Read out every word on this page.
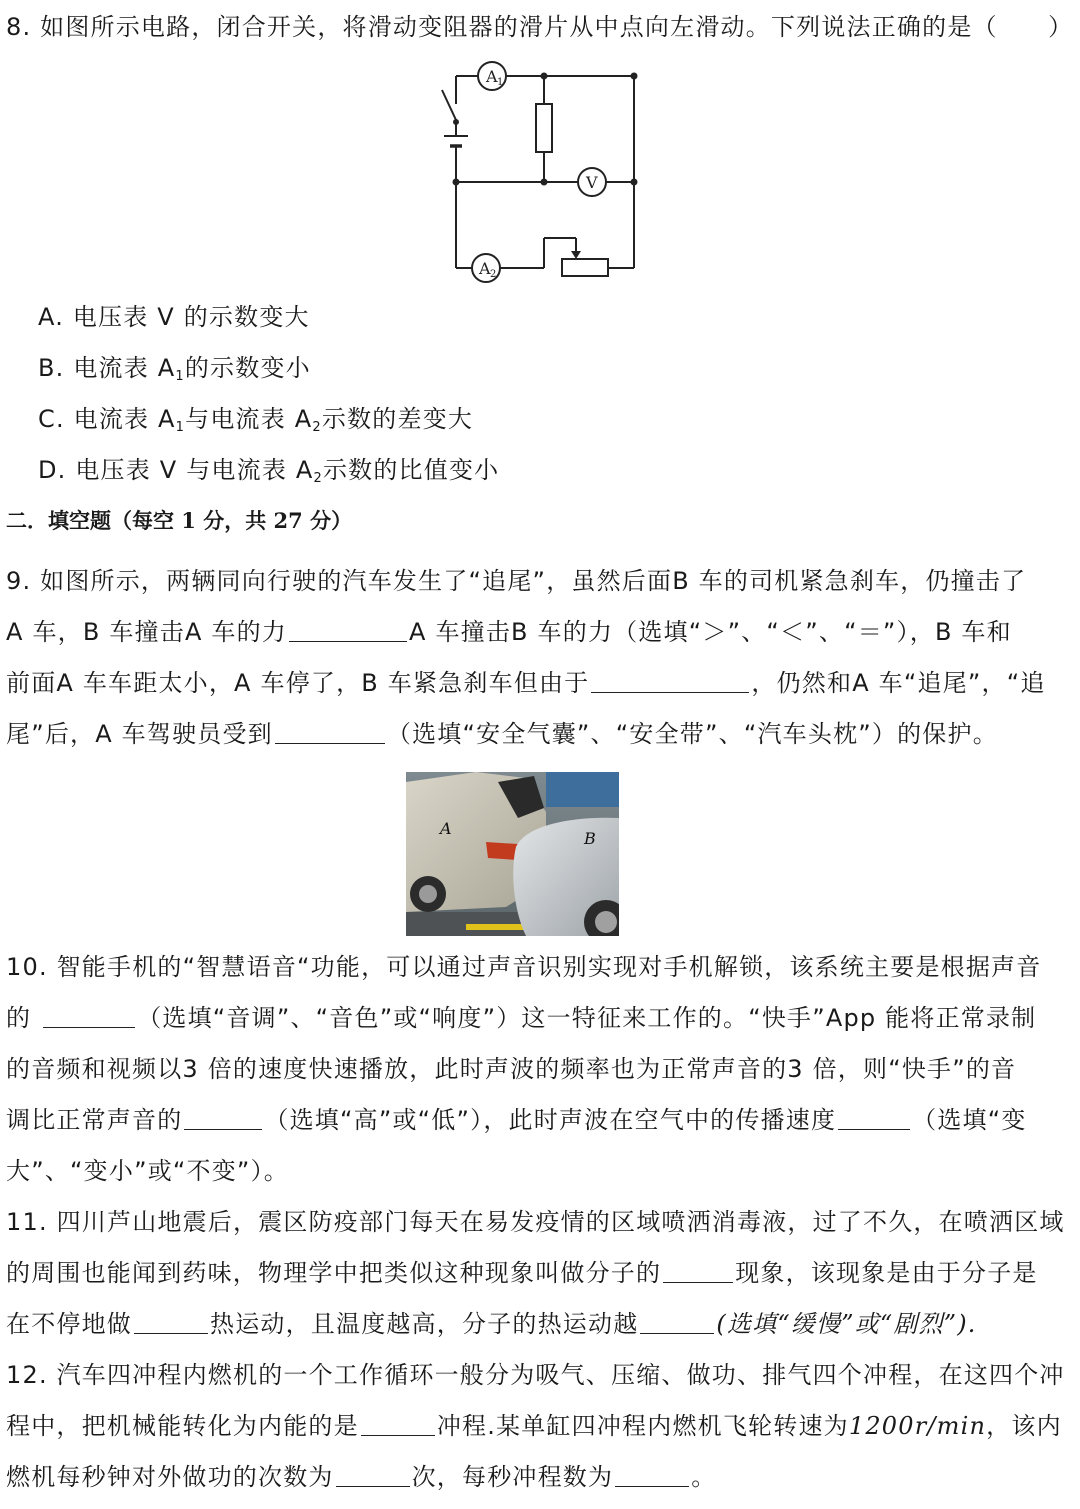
8. 如图所示电路，闭合开关，将滑动变阻器的滑片从中点向左滑动。下列说法正确的是（　　）
A 1
V
A 2
A. 电压表 V 的示数变大
B. 电流表 $A_1$的示数变小
C. 电流表 $A_1$与电流表 $A_2$示数的差变大
D. 电压表 V 与电流表 $A_2$示数的比值变小
二．填空题（每空 1 分，共 27 分）
9. 如图所示，两辆同向行驶的汽车发生了“追尾”，虽然后面B 车的司机紧急刹车，仍撞击了
A 车，B 车撞击A 车的力	A 车撞击B 车的力（选填“＞”、“＜”、“＝”），B 车和
前面A 车车距太小，A 车停了，B 车紧急刹车但由于	，仍然和A 车“追尾”，“追
尾”后，A 车驾驶员受到	（选填“安全气囊”、“安全带”、“汽车头枕”）的保护。
A
B
10. 智能手机的“智慧语音“功能，可以通过声音识别实现对手机解锁，该系统主要是根据声音
的	（选填“音调”、“音色”或“响度”）这一特征来工作的。“快手”App 能将正常录制
的音频和视频以3 倍的速度快速播放，此时声波的频率也为正常声音的3 倍，则“快手”的音
调比正常声音的	（选填“高”或“低”），此时声波在空气中的传播速度	（选填“变
大”、“变小”或“不变”）。
11. 四川芦山地震后，震区防疫部门每天在易发疫情的区域喷洒消毒液，过了不久，在喷洒区域
的周围也能闻到药味，物理学中把类似这种现象叫做分子的	现象，该现象是由于分子是
在不停地做	热运动，且温度越高，分子的热运动越	(选填“缓慢”或“剧烈”).
12. 汽车四冲程内燃机的一个工作循环一般分为吸气、压缩、做功、排气四个冲程，在这四个冲
程中，把机械能转化为内能的是	冲程.某单缸四冲程内燃机飞轮转速为1200r/min，该内
燃机每秒钟对外做功的次数为	次，每秒冲程数为	。
